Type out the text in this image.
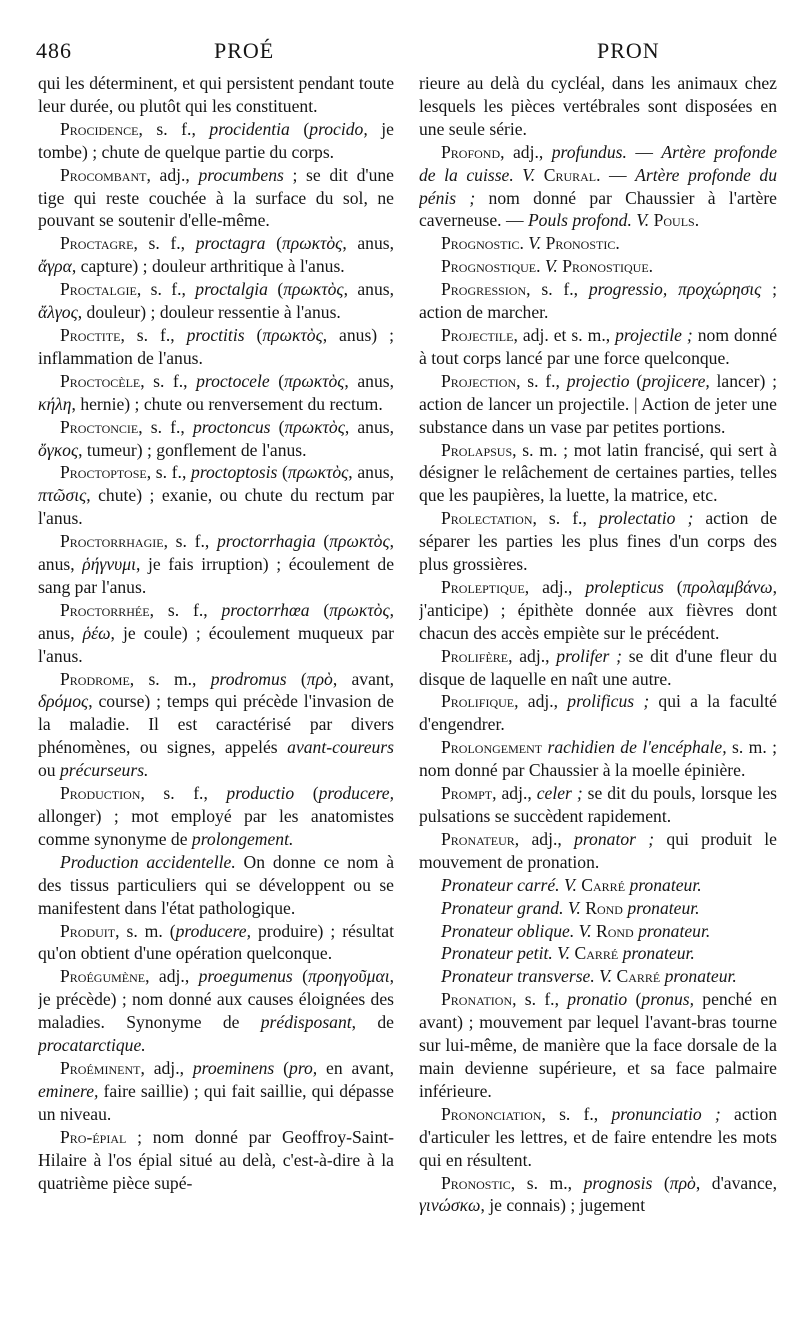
486	PROÉ	PRON

qui les déterminent, et qui persistent pendant toute leur durée, ou plutôt qui les constituent.

Procidence, s. f., procidentia (procido, je tombe) ; chute de quelque partie du corps.

Procombant, adj., procumbens ; se dit d'une tige qui reste couchée à la surface du sol, ne pouvant se soutenir d'elle-même.

Proctagre, s. f., proctagra (πρωκτὸς, anus, ἄγρα, capture) ; douleur arthritique à l'anus.

Proctalgie, s. f., proctalgia (πρωκτὸς, anus, ἄλγος, douleur) ; douleur ressentie à l'anus.

Proctite, s. f., proctitis (πρωκτὸς, anus) ; inflammation de l'anus.

Proctocèle, s. f., proctocele (πρωκτὸς, anus, κήλη, hernie) ; chute ou renversement du rectum.

Proctoncie, s. f., proctoncus (πρωκτὸς, anus, ὄγκος, tumeur) ; gonflement de l'anus.

Proctoptose, s. f., proctoptosis (πρωκτὸς, anus, πτῶσις, chute) ; exanie, ou chute du rectum par l'anus.

Proctorrhagie, s. f., proctorrhagia (πρωκτὸς, anus, ῥήγνυμι, je fais irruption) ; écoulement de sang par l'anus.

Proctorrhée, s. f., proctorrhœa (πρωκτὸς, anus, ῥέω, je coule) ; écoulement muqueux par l'anus.

Prodrome, s. m., prodromus (πρὸ, avant, δρόμος, course) ; temps qui précède l'invasion de la maladie. Il est caractérisé par divers phénomènes, ou signes, appelés avant-coureurs ou précurseurs.

Production, s. f., productio (producere, allonger) ; mot employé par les anatomistes comme synonyme de prolongement.

Production accidentelle. On donne ce nom à des tissus particuliers qui se développent ou se manifestent dans l'état pathologique.

Produit, s. m. (producere, produire) ; résultat qu'on obtient d'une opération quelconque.

Proégumène, adj., proegumenus (προηγοῦμαι, je précède) ; nom donné aux causes éloignées des maladies. Synonyme de prédisposant, de procatarctique.

Proéminent, adj., proeminens (pro, en avant, eminere, faire saillie) ; qui fait saillie, qui dépasse un niveau.

Pro-épial ; nom donné par Geoffroy-Saint-Hilaire à l'os épial situé au delà, c'est-à-dire à la quatrième pièce supé-

rieure au delà du cycléal, dans les animaux chez lesquels les pièces vertébrales sont disposées en une seule série.

Profond, adj., profundus. — Artère profonde de la cuisse. V. Crural. — Artère profonde du pénis ; nom donné par Chaussier à l'artère caverneuse. — Pouls profond. V. Pouls.

Prognostic. V. Pronostic.

Prognostique. V. Pronostique.

Progression, s. f., progressio, προχώρησις ; action de marcher.

Projectile, adj. et s. m., projectile ; nom donné à tout corps lancé par une force quelconque.

Projection, s. f., projectio (projicere, lancer) ; action de lancer un projectile. | Action de jeter une substance dans un vase par petites portions.

Prolapsus, s. m. ; mot latin francisé, qui sert à désigner le relâchement de certaines parties, telles que les paupières, la luette, la matrice, etc.

Prolectation, s. f., prolectatio ; action de séparer les parties les plus fines d'un corps des plus grossières.

Proleptique, adj., prolepticus (προλαμβάνω, j'anticipe) ; épithète donnée aux fièvres dont chacun des accès empiète sur le précédent.

Prolifère, adj., prolifer ; se dit d'une fleur du disque de laquelle en naît une autre.

Prolifique, adj., prolificus ; qui a la faculté d'engendrer.

Prolongement rachidien de l'encéphale, s. m. ; nom donné par Chaussier à la moelle épinière.

Prompt, adj., celer ; se dit du pouls, lorsque les pulsations se succèdent rapidement.

Pronateur, adj., pronator ; qui produit le mouvement de pronation.

Pronateur carré. V. Carré pronateur.

Pronateur grand. V. Rond pronateur.

Pronateur oblique. V. Rond pronateur.

Pronateur petit. V. Carré pronateur.

Pronateur transverse. V. Carré pronateur.

Pronation, s. f., pronatio (pronus, penché en avant) ; mouvement par lequel l'avant-bras tourne sur lui-même, de manière que la face dorsale de la main devienne supérieure, et sa face palmaire inférieure.

Prononciation, s. f., pronunciatio ; action d'articuler les lettres, et de faire entendre les mots qui en résultent.

Pronostic, s. m., prognosis (πρὸ, d'avance, γινώσκω, je connais) ; jugement
